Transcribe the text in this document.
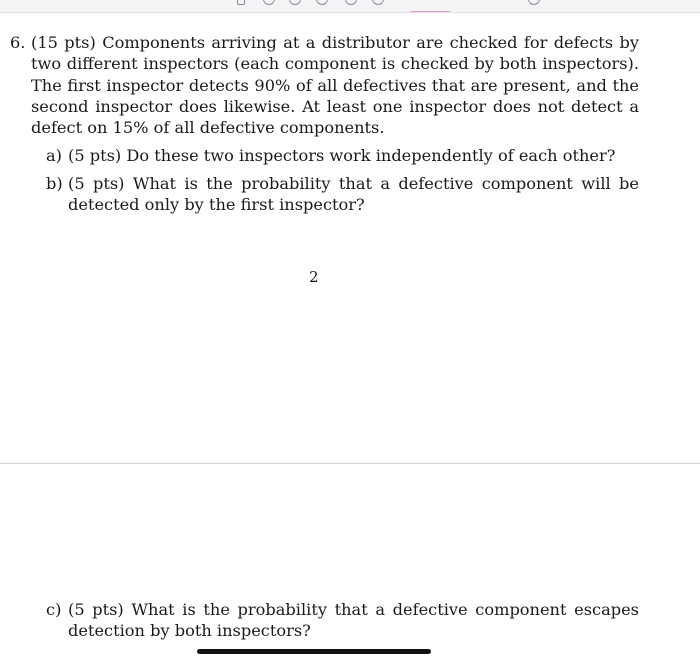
6. (15 pts) Components arriving at a distributor are checked for defects by two different inspectors (each component is checked by both inspectors). The first inspector detects 90% of all defectives that are present, and the second inspector does likewise. At least one inspector does not detect a defect on 15% of all defective components.

a) (5 pts) Do these two inspectors work independently of each other?

b) (5 pts) What is the probability that a defective component will be detected only by the first inspector?

2
c) (5 pts) What is the probability that a defective component escapes detection by both inspectors?
